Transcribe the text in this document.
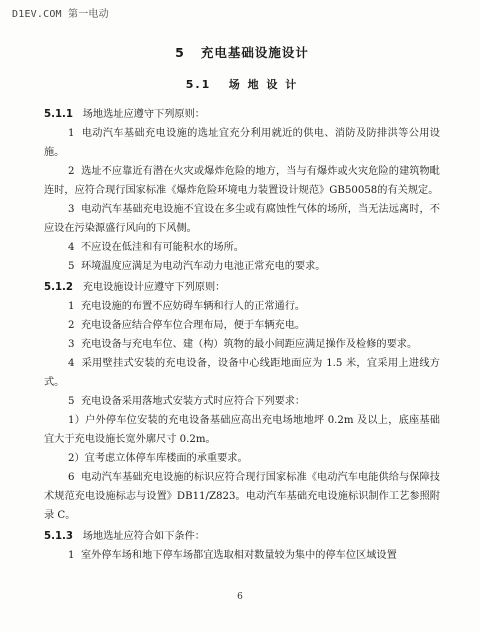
D1EV.COM 第一电动
5 充电基础设施设计
5.1 场 地 设 计

5.1.1 场地选址应遵守下列原则：

1 电动汽车基础充电设施的选址宜充分利用就近的供电、消防及防排洪等公用设施。

2 选址不应靠近有潜在火灾或爆炸危险的地方，当与有爆炸或火灾危险的建筑物毗连时，应符合现行国家标准《爆炸危险环境电力装置设计规范》GB50058的有关规定。

3 电动汽车基础充电设施不宜设在多尘或有腐蚀性气体的场所，当无法远离时，不应设在污染源盛行风向的下风侧。

4 不应设在低洼和有可能积水的场所。

5 环境温度应满足为电动汽车动力电池正常充电的要求。

5.1.2 充电设施设计应遵守下列原则：

1 充电设施的布置不应妨碍车辆和行人的正常通行。

2 充电设备应结合停车位合理布局，便于车辆充电。

3 充电设备与充电车位、建（构）筑物的最小间距应满足操作及检修的要求。

4 采用壁挂式安装的充电设备，设备中心线距地面应为 1.5 米，宜采用上进线方式。

5 充电设备采用落地式安装方式时应符合下列要求：

1）户外停车位安装的充电设备基础应高出充电场地地坪 0.2m 及以上，底座基础宜大于充电设施长宽外廓尺寸 0.2m。

2）宜考虑立体停车库楼面的承重要求。

6 电动汽车基础充电设施的标识应符合现行国家标准《电动汽车电能供给与保障技术规范充电设施标志与设置》DB11/Z823。电动汽车基础充电设施标识制作工艺参照附录 C。

5.1.3 场地选址应符合如下条件：

1 室外停车场和地下停车场都宜选取相对数量较为集中的停车位区域设置

6
